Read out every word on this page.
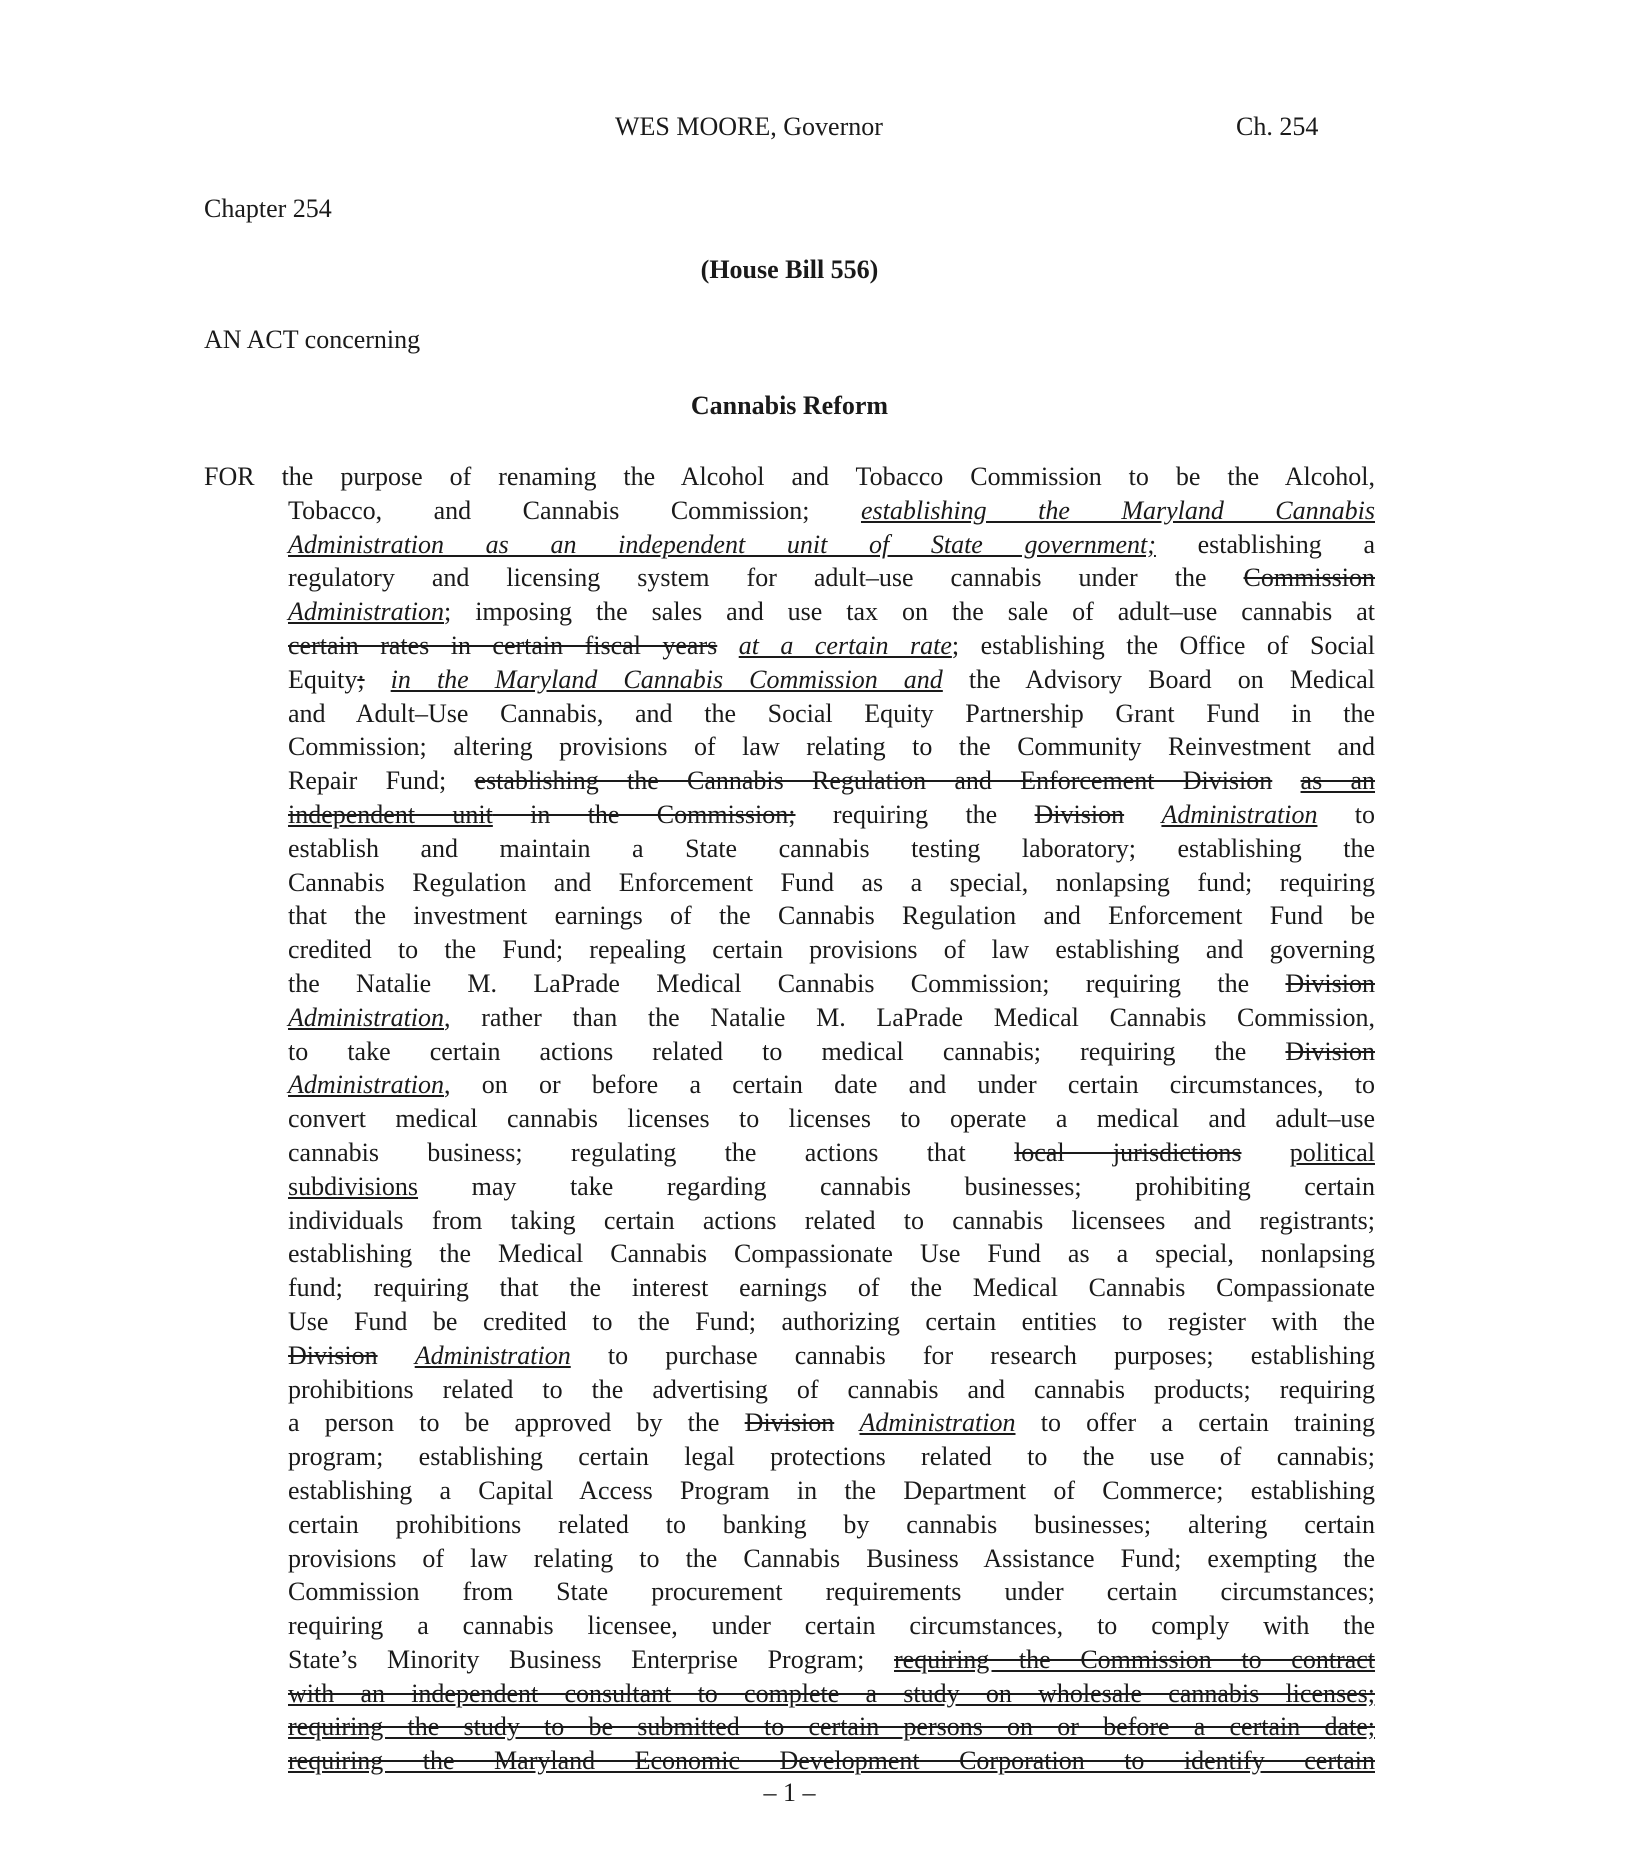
WES MOORE, Governor	Ch. 254
Chapter 254
(House Bill 556)
AN ACT concerning
Cannabis Reform
FOR the purpose of renaming the Alcohol and Tobacco Commission to be the Alcohol,
Tobacco, and Cannabis Commission; establishing the Maryland Cannabis
Administration as an independent unit of State government; establishing a
regulatory and licensing system for adult–use cannabis under the Commission
Administration; imposing the sales and use tax on the sale of adult–use cannabis at
certain rates in certain fiscal years at a certain rate; establishing the Office of Social
Equity; in the Maryland Cannabis Commission and the Advisory Board on Medical
and Adult–Use Cannabis, and the Social Equity Partnership Grant Fund in the
Commission; altering provisions of law relating to the Community Reinvestment and
Repair Fund; establishing the Cannabis Regulation and Enforcement Division as an
independent unit in the Commission; requiring the Division Administration to
establish and maintain a State cannabis testing laboratory; establishing the
Cannabis Regulation and Enforcement Fund as a special, nonlapsing fund; requiring
that the investment earnings of the Cannabis Regulation and Enforcement Fund be
credited to the Fund; repealing certain provisions of law establishing and governing
the Natalie M. LaPrade Medical Cannabis Commission; requiring the Division
Administration, rather than the Natalie M. LaPrade Medical Cannabis Commission,
to take certain actions related to medical cannabis; requiring the Division
Administration, on or before a certain date and under certain circumstances, to
convert medical cannabis licenses to licenses to operate a medical and adult–use
cannabis business; regulating the actions that local jurisdictions political
subdivisions may take regarding cannabis businesses; prohibiting certain
individuals from taking certain actions related to cannabis licensees and registrants;
establishing the Medical Cannabis Compassionate Use Fund as a special, nonlapsing
fund; requiring that the interest earnings of the Medical Cannabis Compassionate
Use Fund be credited to the Fund; authorizing certain entities to register with the
Division Administration to purchase cannabis for research purposes; establishing
prohibitions related to the advertising of cannabis and cannabis products; requiring
a person to be approved by the Division Administration to offer a certain training
program; establishing certain legal protections related to the use of cannabis;
establishing a Capital Access Program in the Department of Commerce; establishing
certain prohibitions related to banking by cannabis businesses; altering certain
provisions of law relating to the Cannabis Business Assistance Fund; exempting the
Commission from State procurement requirements under certain circumstances;
requiring a cannabis licensee, under certain circumstances, to comply with the
State’s Minority Business Enterprise Program; requiring the Commission to contract
with an independent consultant to complete a study on wholesale cannabis licenses;
requiring the study to be submitted to certain persons on or before a certain date;
requiring the Maryland Economic Development Corporation to identify certain
– 1 –
